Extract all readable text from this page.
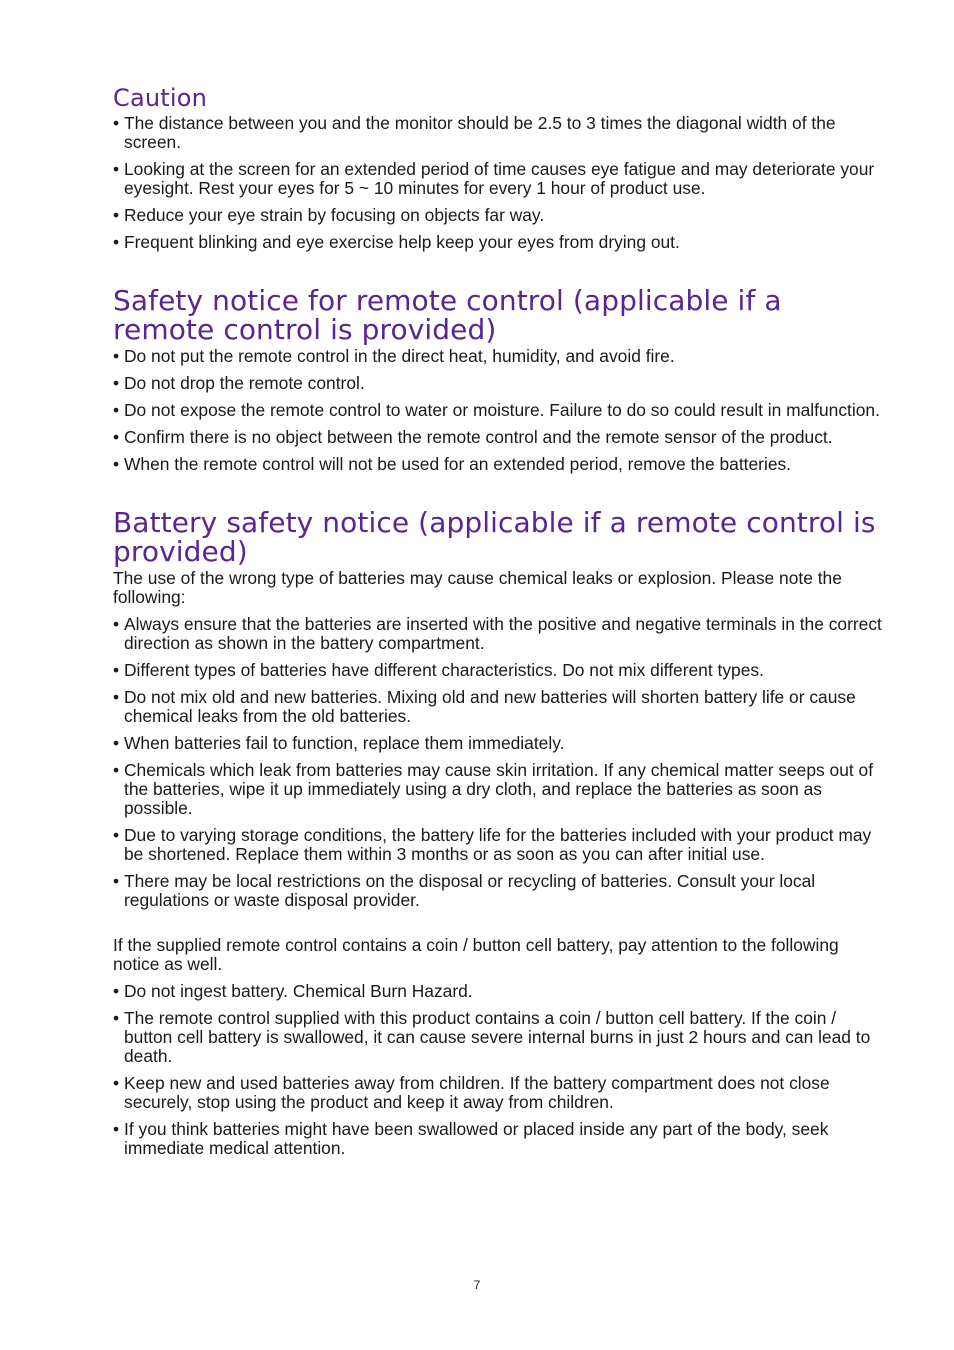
Caution
• The distance between you and the monitor should be 2.5 to 3 times the diagonal width of the screen.
• Looking at the screen for an extended period of time causes eye fatigue and may deteriorate your eyesight. Rest your eyes for 5 ~ 10 minutes for every 1 hour of product use.
• Reduce your eye strain by focusing on objects far way.
• Frequent blinking and eye exercise help keep your eyes from drying out.
Safety notice for remote control (applicable if a remote control is provided)
• Do not put the remote control in the direct heat, humidity, and avoid fire.
• Do not drop the remote control.
• Do not expose the remote control to water or moisture. Failure to do so could result in malfunction.
• Confirm there is no object between the remote control and the remote sensor of the product.
• When the remote control will not be used for an extended period, remove the batteries.
Battery safety notice (applicable if a remote control is provided)

The use of the wrong type of batteries may cause chemical leaks or explosion. Please note the following:

• Always ensure that the batteries are inserted with the positive and negative terminals in the correct direction as shown in the battery compartment.
• Different types of batteries have different characteristics. Do not mix different types.
• Do not mix old and new batteries. Mixing old and new batteries will shorten battery life or cause chemical leaks from the old batteries.
• When batteries fail to function, replace them immediately.
• Chemicals which leak from batteries may cause skin irritation. If any chemical matter seeps out of the batteries, wipe it up immediately using a dry cloth, and replace the batteries as soon as possible.
• Due to varying storage conditions, the battery life for the batteries included with your product may be shortened. Replace them within 3 months or as soon as you can after initial use.
• There may be local restrictions on the disposal or recycling of batteries. Consult your local regulations or waste disposal provider.

If the supplied remote control contains a coin / button cell battery, pay attention to the following notice as well.

• Do not ingest battery. Chemical Burn Hazard.
• The remote control supplied with this product contains a coin / button cell battery. If the coin / button cell battery is swallowed, it can cause severe internal burns in just 2 hours and can lead to death.
• Keep new and used batteries away from children. If the battery compartment does not close securely, stop using the product and keep it away from children.
• If you think batteries might have been swallowed or placed inside any part of the body, seek immediate medical attention.
7
